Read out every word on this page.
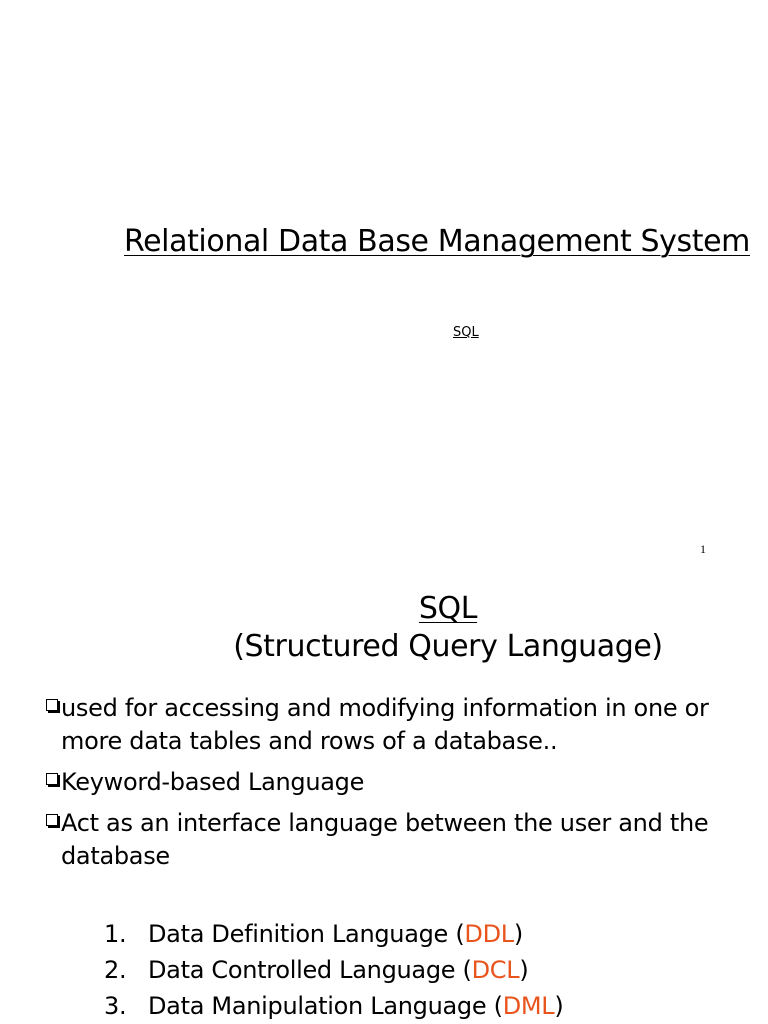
Relational Data Base Management System
SQL
1
SQL
(Structured Query Language)
used for accessing and modifying information in one or more data tables and rows of a database..
Keyword-based Language
Act as an interface language between the user and the database
1. Data Definition Language (DDL)
2. Data Controlled Language (DCL)
3. Data Manipulation Language (DML)
